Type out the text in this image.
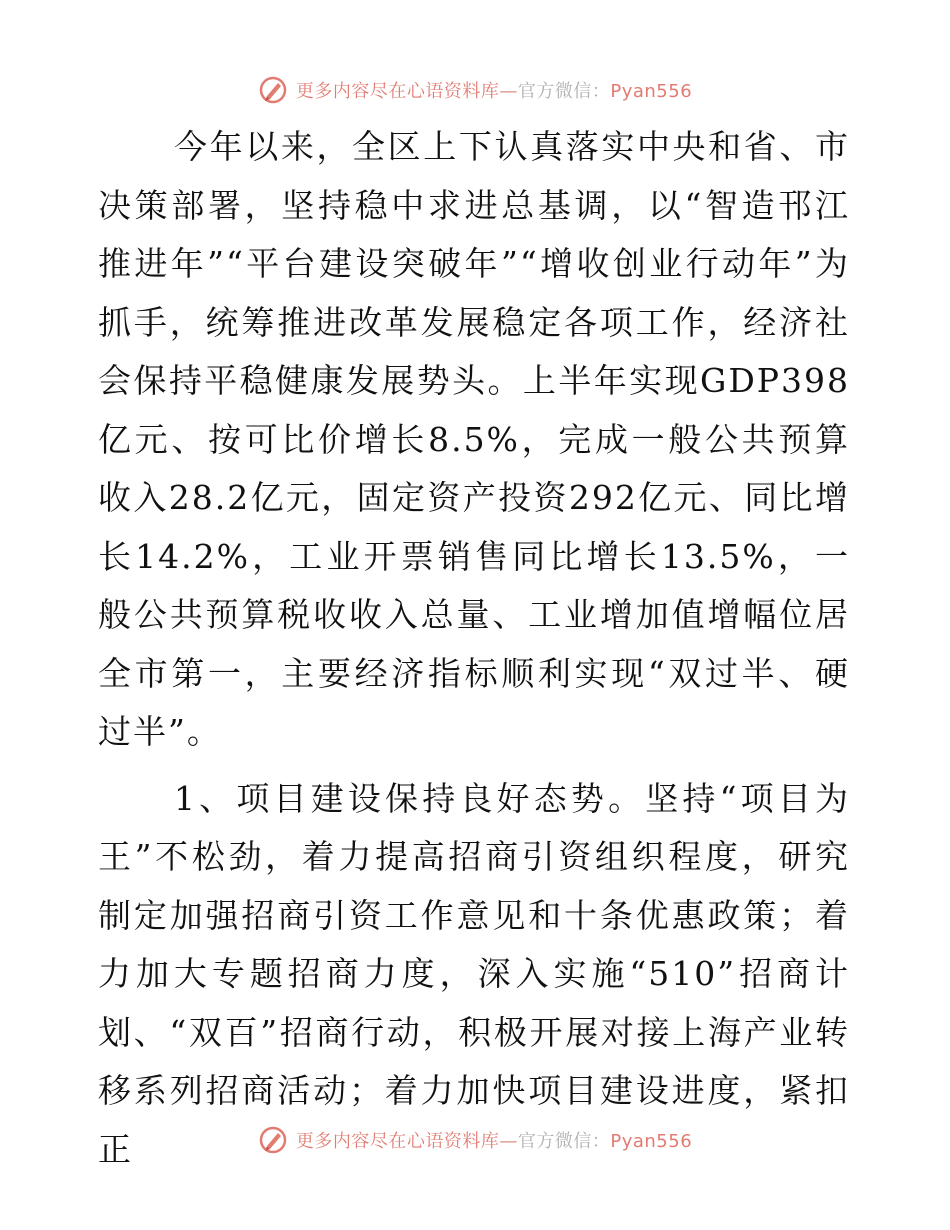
更多内容尽在心语资料库—官方微信：Pyan556

今年以来，全区上下认真落实中央和省、市决策部署，坚持稳中求进总基调，以“智造邗江推进年”“平台建设突破年”“增收创业行动年”为抓手，统筹推进改革发展稳定各项工作，经济社会保持平稳健康发展势头。上半年实现GDP398亿元、按可比价增长8.5%，完成一般公共预算收入28.2亿元，固定资产投资292亿元、同比增长14.2%，工业开票销售同比增长13.5%，一般公共预算税收收入总量、工业增加值增幅位居全市第一，主要经济指标顺利实现“双过半、硬过半”。

1、项目建设保持良好态势。坚持“项目为王”不松劲，着力提高招商引资组织程度，研究制定加强招商引资工作意见和十条优惠政策；着力加大专题招商力度，深入实施“510”招商计划、“双百”招商行动，积极开展对接上海产业转移系列招商活动；着力加快项目建设进度，紧扣正	更多内容尽在心语资料库—官方微信：Pyan556
